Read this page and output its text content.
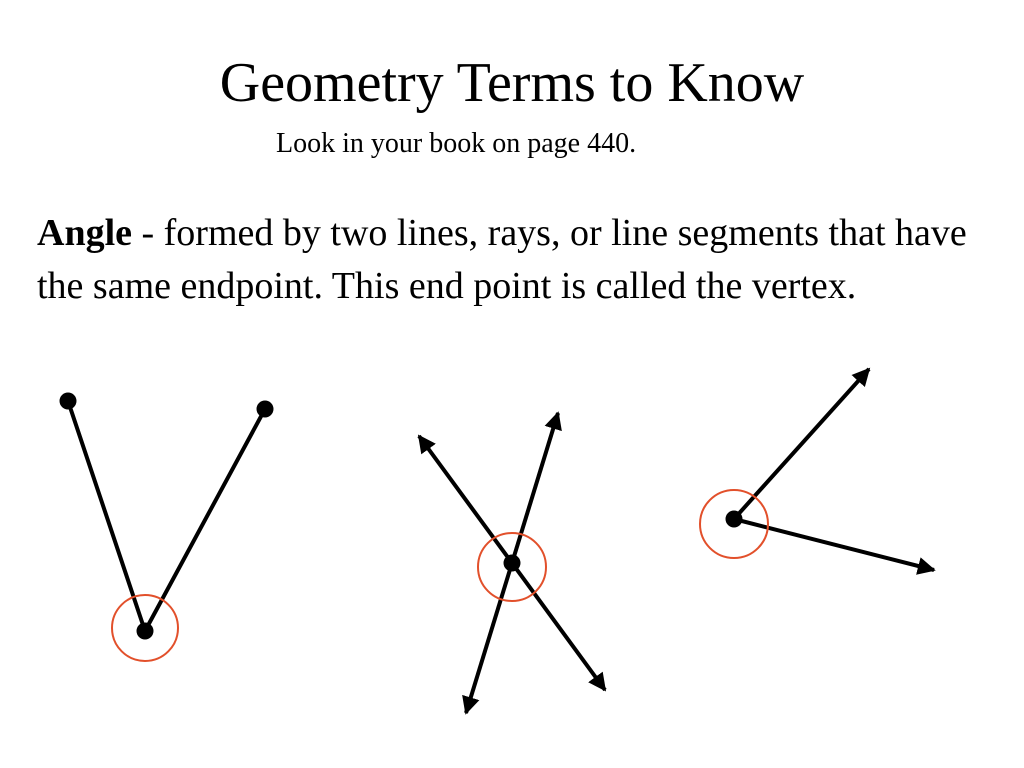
Geometry Terms to Know

Look in your book on page 440.

Angle - formed by two lines, rays, or line segments that have the same endpoint. This end point is called the vertex.
